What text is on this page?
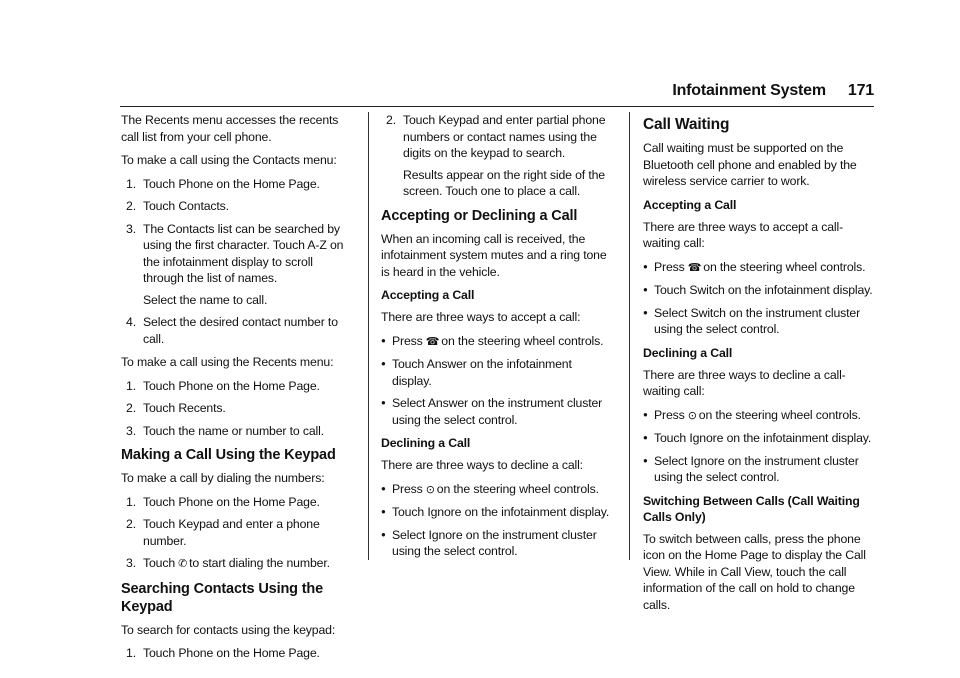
Infotainment System 171

The Recents menu accesses the recents call list from your cell phone.

To make a call using the Contacts menu:

1. Touch Phone on the Home Page.
2. Touch Contacts.
3. The Contacts list can be searched by using the first character. Touch A-Z on the infotainment display to scroll through the list of names.
Select the name to call.
4. Select the desired contact number to call.

To make a call using the Recents menu:

1. Touch Phone on the Home Page.
2. Touch Recents.
3. Touch the name or number to call.
Making a Call Using the Keypad

To make a call by dialing the numbers:

1. Touch Phone on the Home Page.
2. Touch Keypad and enter a phone number.
3. Touch ✆ to start dialing the number.
Searching Contacts Using the Keypad

To search for contacts using the keypad:

1. Touch Phone on the Home Page.
2. Touch Keypad and enter partial phone numbers or contact names using the digits on the keypad to search.
Results appear on the right side of the screen. Touch one to place a call.
Accepting or Declining a Call

When an incoming call is received, the infotainment system mutes and a ring tone is heard in the vehicle.

Accepting a Call

There are three ways to accept a call:

● Press ☎ on the steering wheel controls.
● Touch Answer on the infotainment display.
● Select Answer on the instrument cluster using the select control.
Declining a Call

There are three ways to decline a call:

● Press ⊙ on the steering wheel controls.
● Touch Ignore on the infotainment display.
● Select Ignore on the instrument cluster using the select control.
Call Waiting

Call waiting must be supported on the Bluetooth cell phone and enabled by the wireless service carrier to work.

Accepting a Call

There are three ways to accept a call-waiting call:

● Press ☎ on the steering wheel controls.
● Touch Switch on the infotainment display.
● Select Switch on the instrument cluster using the select control.
Declining a Call

There are three ways to decline a call-waiting call:

● Press ⊙ on the steering wheel controls.
● Touch Ignore on the infotainment display.
● Select Ignore on the instrument cluster using the select control.
Switching Between Calls (Call Waiting Calls Only)

To switch between calls, press the phone icon on the Home Page to display the Call View. While in Call View, touch the call information of the call on hold to change calls.
